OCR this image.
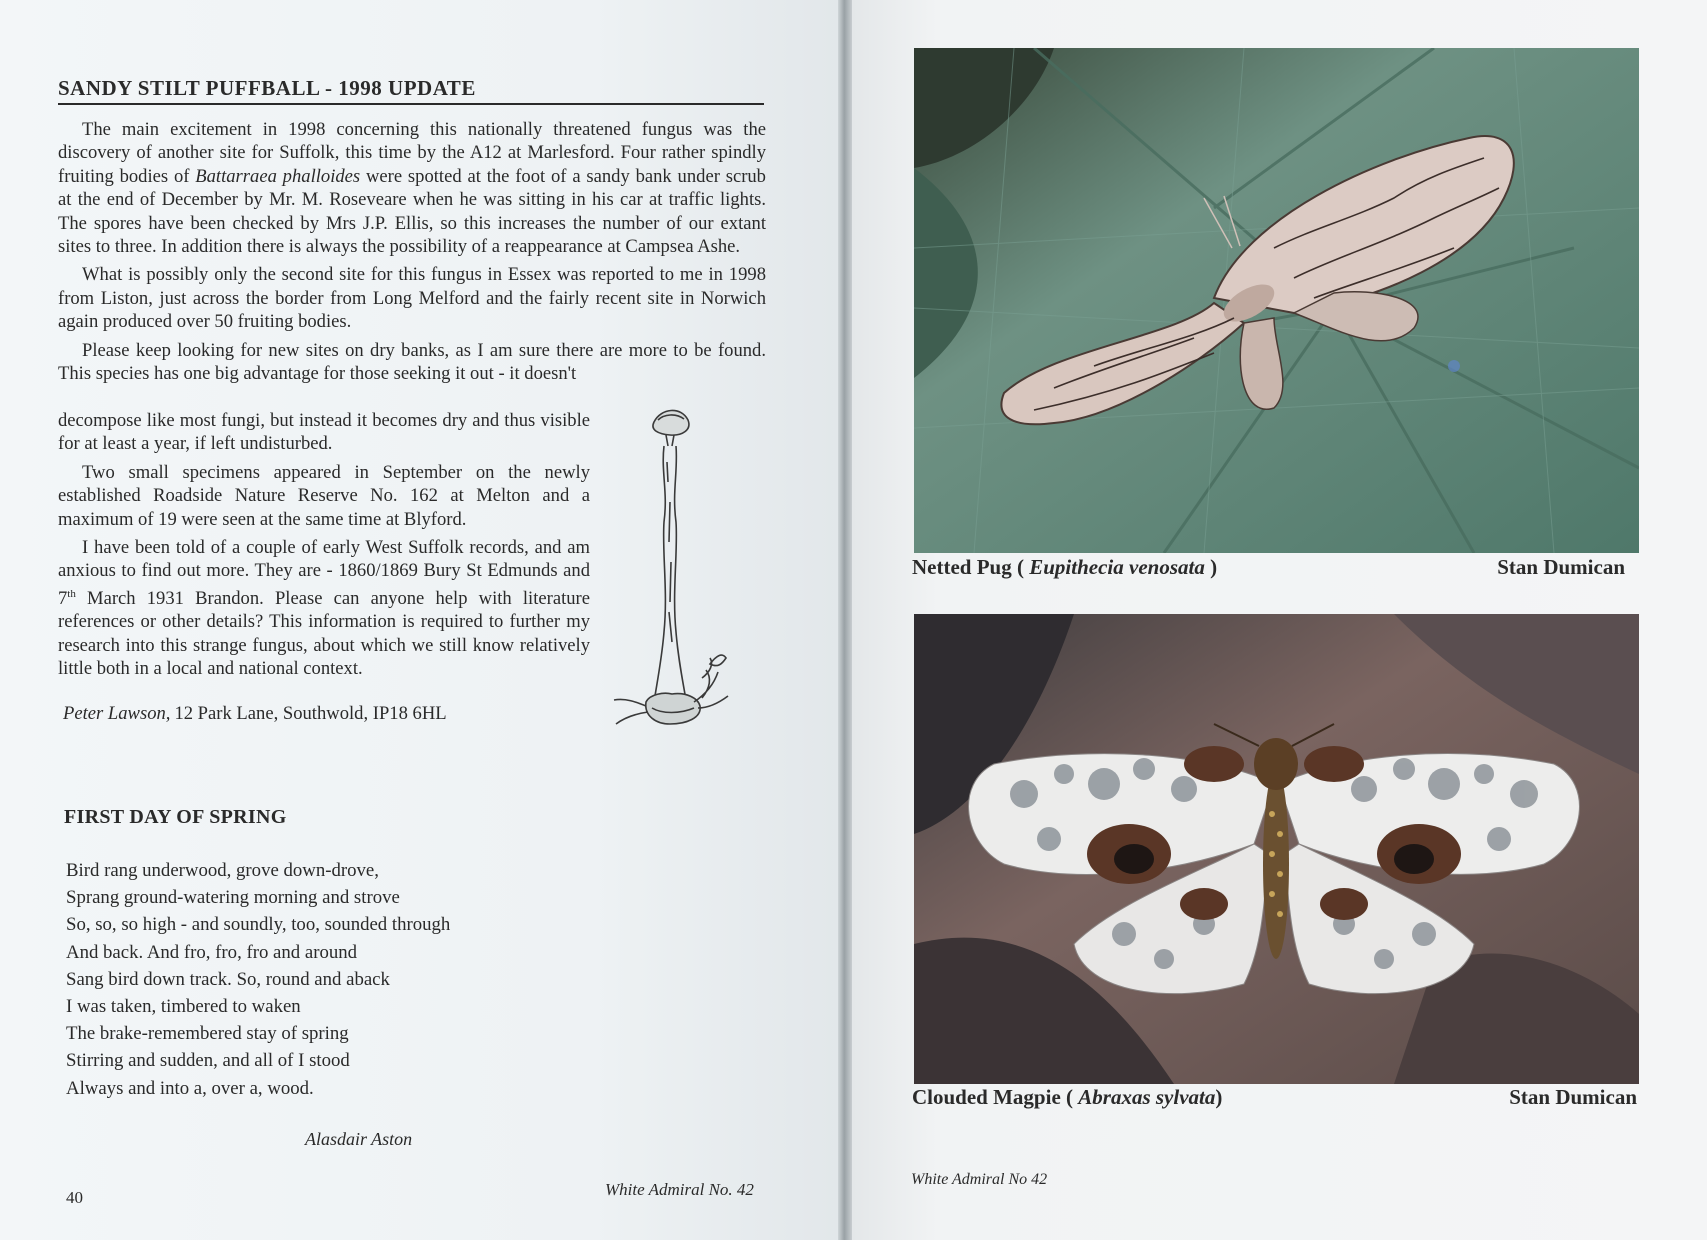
SANDY STILT PUFFBALL - 1998 UPDATE

The main excitement in 1998 concerning this nationally threatened fungus was the discovery of another site for Suffolk, this time by the A12 at Marlesford. Four rather spindly fruiting bodies of Battarraea phalloides were spotted at the foot of a sandy bank under scrub at the end of December by Mr. M. Roseveare when he was sitting in his car at traffic lights. The spores have been checked by Mrs J.P. Ellis, so this increases the number of our extant sites to three. In addition there is always the possibility of a reappearance at Campsea Ashe.

What is possibly only the second site for this fungus in Essex was reported to me in 1998 from Liston, just across the border from Long Melford and the fairly recent site in Norwich again produced over 50 fruiting bodies.

Please keep looking for new sites on dry banks, as I am sure there are more to be found. This species has one big advantage for those seeking it out - it doesn't

decompose like most fungi, but instead it becomes dry and thus visible for at least a year, if left undisturbed.

Two small specimens appeared in September on the newly established Roadside Nature Reserve No. 162 at Melton and a maximum of 19 were seen at the same time at Blyford.

I have been told of a couple of early West Suffolk records, and am anxious to find out more. They are - 1860/1869 Bury St Edmunds and 7th March 1931 Brandon. Please can anyone help with literature references or other details? This information is required to further my research into this strange fungus, about which we still know relatively little both in a local and national context.

Peter Lawson, 12 Park Lane, Southwold, IP18 6HL
FIRST DAY OF SPRING
Bird rang underwood, grove down-drove,
Sprang ground-watering morning and strove
So, so, so high - and soundly, too, sounded through
And back. And fro, fro, fro and around
Sang bird down track. So, round and aback
I was taken, timbered to waken
The brake-remembered stay of spring
Stirring and sudden, and all of I stood
Always and into a, over a, wood.
Alasdair Aston
40	White Admiral No. 42
Netted Pug ( Eupithecia venosata )	Stan Dumican
Clouded Magpie ( Abraxas sylvata)	Stan Dumican
White Admiral No 42
